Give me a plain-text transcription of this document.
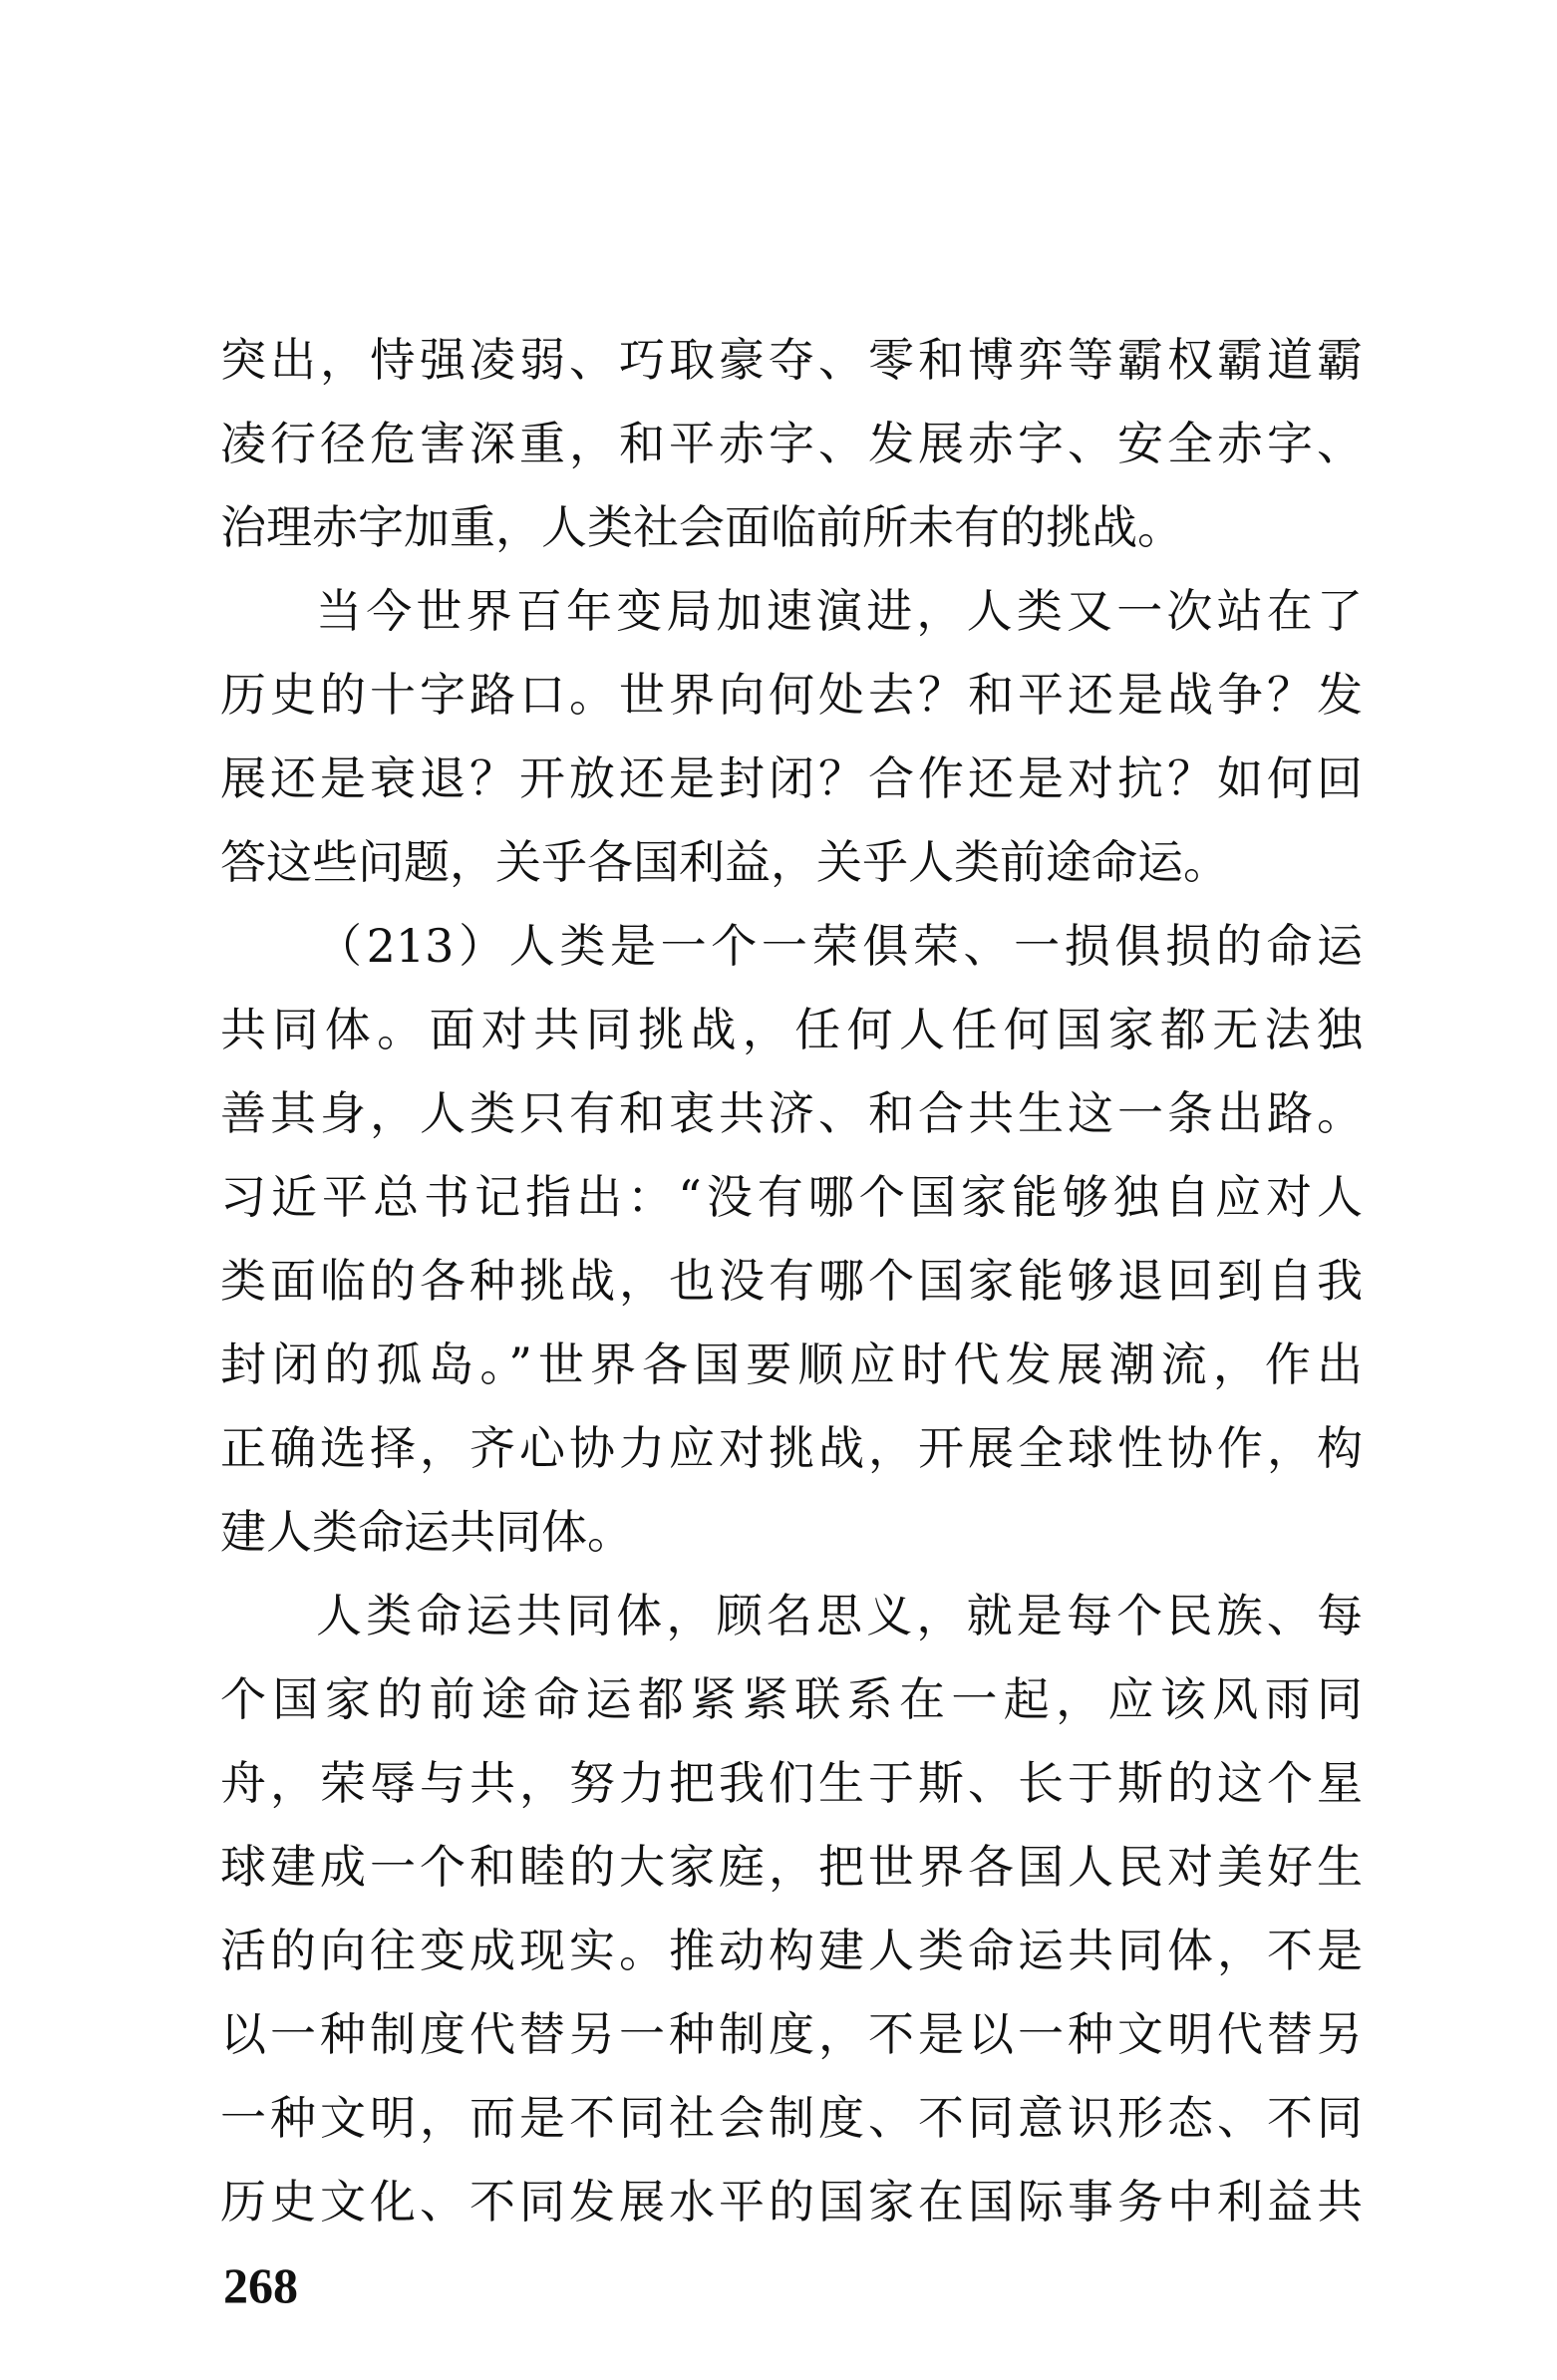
突出，恃强凌弱、巧取豪夺、零和博弈等霸权霸道霸
凌行径危害深重，和平赤字、发展赤字、安全赤字、
治理赤字加重，人类社会面临前所未有的挑战。
当今世界百年变局加速演进，人类又一次站在了
历史的十字路口。世界向何处去？和平还是战争？发
展还是衰退？开放还是封闭？合作还是对抗？如何回
答这些问题，关乎各国利益，关乎人类前途命运。
（213）人类是一个一荣俱荣、一损俱损的命运
共同体。面对共同挑战，任何人任何国家都无法独
善其身，人类只有和衷共济、和合共生这一条出路。
习近平总书记指出：“没有哪个国家能够独自应对人
类面临的各种挑战，也没有哪个国家能够退回到自我
封闭的孤岛。”世界各国要顺应时代发展潮流，作出
正确选择，齐心协力应对挑战，开展全球性协作，构
建人类命运共同体。
人类命运共同体，顾名思义，就是每个民族、每
个国家的前途命运都紧紧联系在一起，应该风雨同
舟，荣辱与共，努力把我们生于斯、长于斯的这个星
球建成一个和睦的大家庭，把世界各国人民对美好生
活的向往变成现实。推动构建人类命运共同体，不是
以一种制度代替另一种制度，不是以一种文明代替另
一种文明，而是不同社会制度、不同意识形态、不同
历史文化、不同发展水平的国家在国际事务中利益共
268
